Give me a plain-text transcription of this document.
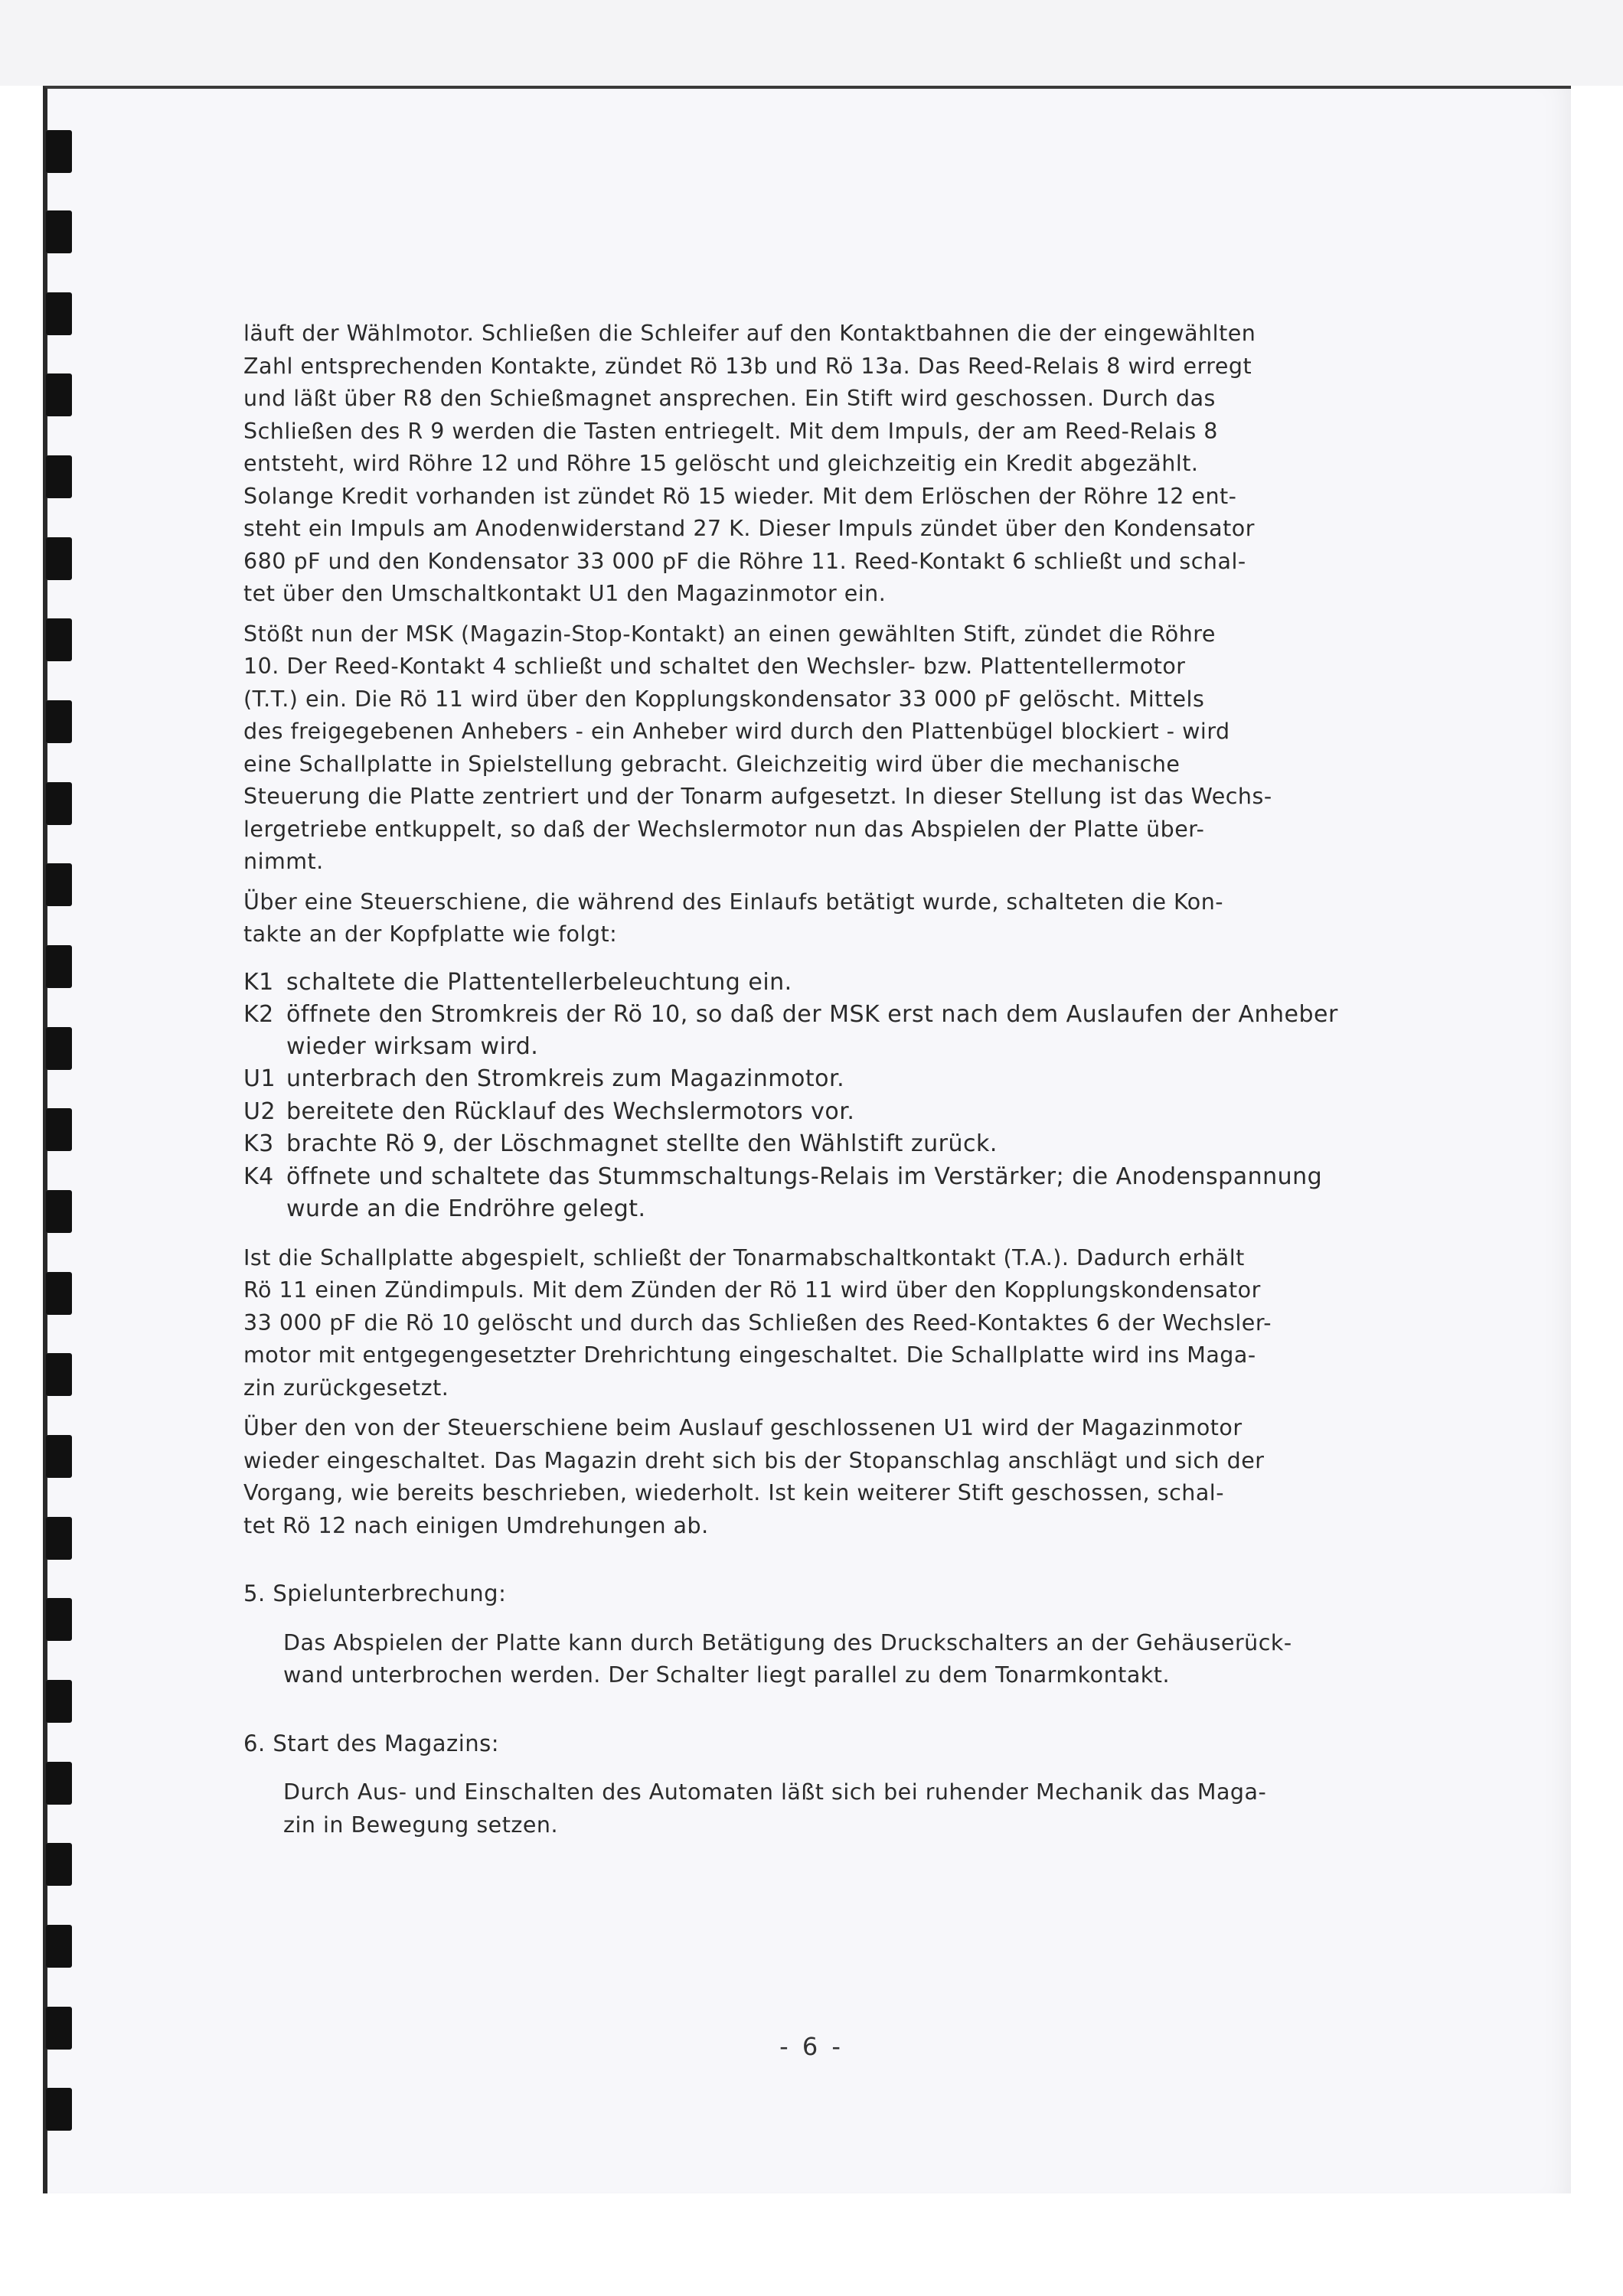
läuft der Wählmotor. Schließen die Schleifer auf den Kontaktbahnen die der eingewählten
Zahl entsprechenden Kontakte, zündet Rö 13b und Rö 13a. Das Reed-Relais 8 wird erregt
und läßt über R8 den Schießmagnet ansprechen. Ein Stift wird geschossen. Durch das
Schließen des R 9 werden die Tasten entriegelt. Mit dem Impuls, der am Reed-Relais 8
entsteht, wird Röhre 12 und Röhre 15 gelöscht und gleichzeitig ein Kredit abgezählt.
Solange Kredit vorhanden ist zündet Rö 15 wieder. Mit dem Erlöschen der Röhre 12 ent-
steht ein Impuls am Anodenwiderstand 27 K. Dieser Impuls zündet über den Kondensator
680 pF und den Kondensator 33 000 pF die Röhre 11. Reed-Kontakt 6 schließt und schal-
tet über den Umschaltkontakt U1 den Magazinmotor ein.

Stößt nun der MSK (Magazin-Stop-Kontakt) an einen gewählten Stift, zündet die Röhre
10. Der Reed-Kontakt 4 schließt und schaltet den Wechsler- bzw. Plattentellermotor
(T.T.) ein. Die Rö 11 wird über den Kopplungskondensator 33 000 pF gelöscht. Mittels
des freigegebenen Anhebers - ein Anheber wird durch den Plattenbügel blockiert - wird
eine Schallplatte in Spielstellung gebracht. Gleichzeitig wird über die mechanische
Steuerung die Platte zentriert und der Tonarm aufgesetzt. In dieser Stellung ist das Wechs-
lergetriebe entkuppelt, so daß der Wechslermotor nun das Abspielen der Platte über-
nimmt.

Über eine Steuerschiene, die während des Einlaufs betätigt wurde, schalteten die Kon-
takte an der Kopfplatte wie folgt:

K1 schaltete die Plattentellerbeleuchtung ein.
K2 öffnete den Stromkreis der Rö 10, so daß der MSK erst nach dem Auslaufen der Anheber
wieder wirksam wird.
U1 unterbrach den Stromkreis zum Magazinmotor.
U2 bereitete den Rücklauf des Wechslermotors vor.
K3 brachte Rö 9, der Löschmagnet stellte den Wählstift zurück.
K4 öffnete und schaltete das Stummschaltungs-Relais im Verstärker; die Anodenspannung
wurde an die Endröhre gelegt.

Ist die Schallplatte abgespielt, schließt der Tonarmabschaltkontakt (T.A.). Dadurch erhält
Rö 11 einen Zündimpuls. Mit dem Zünden der Rö 11 wird über den Kopplungskondensator
33 000 pF die Rö 10 gelöscht und durch das Schließen des Reed-Kontaktes 6 der Wechsler-
motor mit entgegengesetzter Drehrichtung eingeschaltet. Die Schallplatte wird ins Maga-
zin zurückgesetzt.

Über den von der Steuerschiene beim Auslauf geschlossenen U1 wird der Magazinmotor
wieder eingeschaltet. Das Magazin dreht sich bis der Stopanschlag anschlägt und sich der
Vorgang, wie bereits beschrieben, wiederholt. Ist kein weiterer Stift geschossen, schal-
tet Rö 12 nach einigen Umdrehungen ab.

5. Spielunterbrechung:

Das Abspielen der Platte kann durch Betätigung des Druckschalters an der Gehäuserück-
wand unterbrochen werden. Der Schalter liegt parallel zu dem Tonarmkontakt.

6. Start des Magazins:

Durch Aus- und Einschalten des Automaten läßt sich bei ruhender Mechanik das Maga-
zin in Bewegung setzen.

- 6 -
